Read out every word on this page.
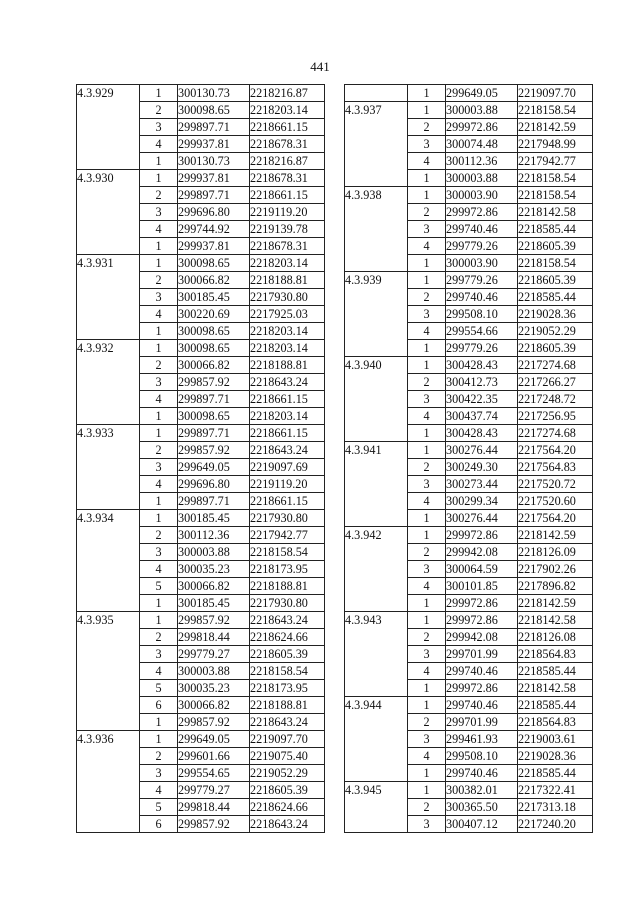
441
4.3.929	1	300130.73	2218216.87
	2	300098.65	2218203.14
	3	299897.71	2218661.15
	4	299937.81	2218678.31
	1	300130.73	2218216.87
4.3.930	1	299937.81	2218678.31
	2	299897.71	2218661.15
	3	299696.80	2219119.20
	4	299744.92	2219139.78
	1	299937.81	2218678.31
4.3.931	1	300098.65	2218203.14
	2	300066.82	2218188.81
	3	300185.45	2217930.80
	4	300220.69	2217925.03
	1	300098.65	2218203.14
4.3.932	1	300098.65	2218203.14
	2	300066.82	2218188.81
	3	299857.92	2218643.24
	4	299897.71	2218661.15
	1	300098.65	2218203.14
4.3.933	1	299897.71	2218661.15
	2	299857.92	2218643.24
	3	299649.05	2219097.69
	4	299696.80	2219119.20
	1	299897.71	2218661.15
4.3.934	1	300185.45	2217930.80
	2	300112.36	2217942.77
	3	300003.88	2218158.54
	4	300035.23	2218173.95
	5	300066.82	2218188.81
	1	300185.45	2217930.80
4.3.935	1	299857.92	2218643.24
	2	299818.44	2218624.66
	3	299779.27	2218605.39
	4	300003.88	2218158.54
	5	300035.23	2218173.95
	6	300066.82	2218188.81
	1	299857.92	2218643.24
4.3.936	1	299649.05	2219097.70
	2	299601.66	2219075.40
	3	299554.65	2219052.29
	4	299779.27	2218605.39
	5	299818.44	2218624.66
	6	299857.92	2218643.24
	1	299649.05	2219097.70
4.3.937	1	300003.88	2218158.54
	2	299972.86	2218142.59
	3	300074.48	2217948.99
	4	300112.36	2217942.77
	1	300003.88	2218158.54
4.3.938	1	300003.90	2218158.54
	2	299972.86	2218142.58
	3	299740.46	2218585.44
	4	299779.26	2218605.39
	1	300003.90	2218158.54
4.3.939	1	299779.26	2218605.39
	2	299740.46	2218585.44
	3	299508.10	2219028.36
	4	299554.66	2219052.29
	1	299779.26	2218605.39
4.3.940	1	300428.43	2217274.68
	2	300412.73	2217266.27
	3	300422.35	2217248.72
	4	300437.74	2217256.95
	1	300428.43	2217274.68
4.3.941	1	300276.44	2217564.20
	2	300249.30	2217564.83
	3	300273.44	2217520.72
	4	300299.34	2217520.60
	1	300276.44	2217564.20
4.3.942	1	299972.86	2218142.59
	2	299942.08	2218126.09
	3	300064.59	2217902.26
	4	300101.85	2217896.82
	1	299972.86	2218142.59
4.3.943	1	299972.86	2218142.58
	2	299942.08	2218126.08
	3	299701.99	2218564.83
	4	299740.46	2218585.44
	1	299972.86	2218142.58
4.3.944	1	299740.46	2218585.44
	2	299701.99	2218564.83
	3	299461.93	2219003.61
	4	299508.10	2219028.36
	1	299740.46	2218585.44
4.3.945	1	300382.01	2217322.41
	2	300365.50	2217313.18
	3	300407.12	2217240.20
